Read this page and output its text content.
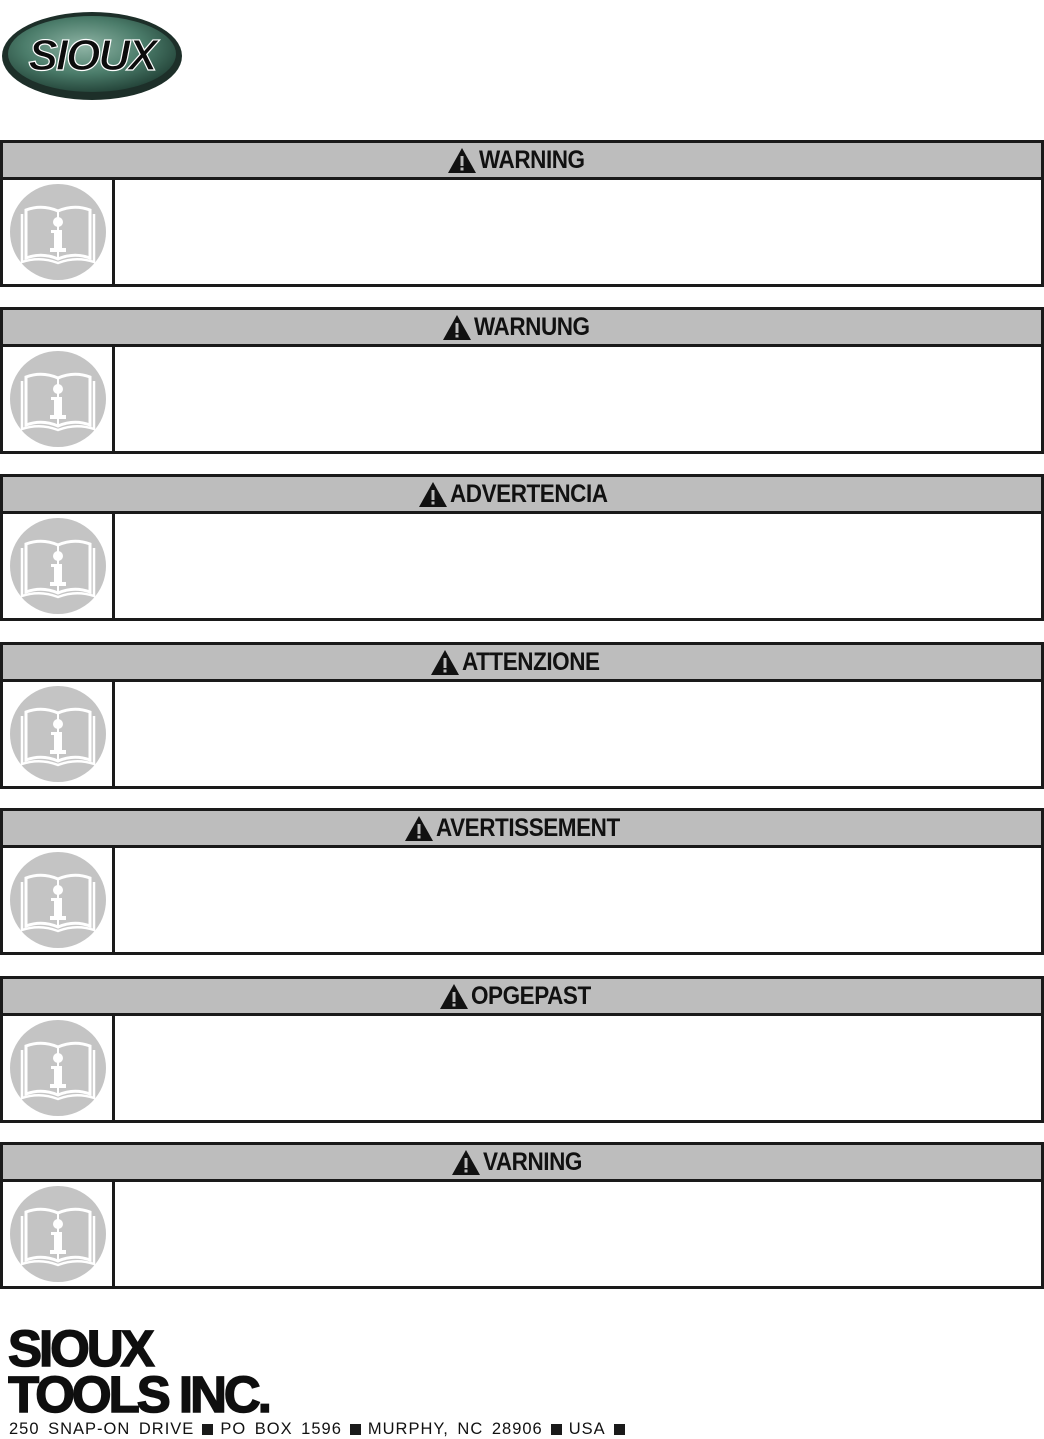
SIOUX
WARNING
WARNUNG
ADVERTENCIA
ATTENZIONE
AVERTISSEMENT
OPGEPAST
VARNING
SIOUX
TOOLS INC.
250 SNAP-ON DRIVE PO BOX 1596 MURPHY, NC 28906 USA
